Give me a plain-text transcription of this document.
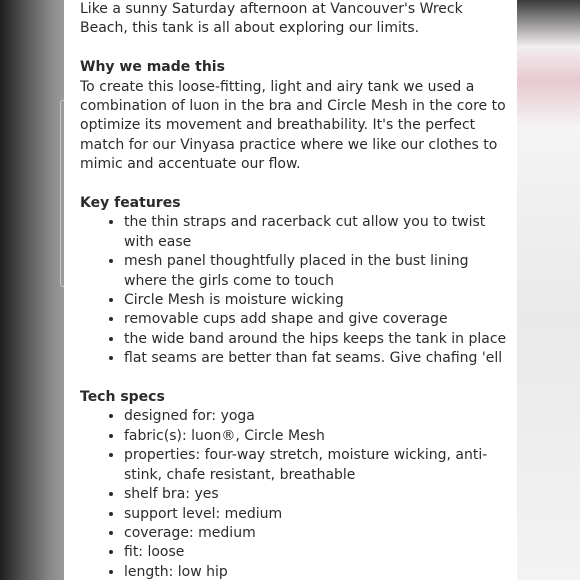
Like a sunny Saturday afternoon at Vancouver's Wreck Beach, this tank is all about exploring our limits.

Why we made this

To create this loose-fitting, light and airy tank we used a combination of luon in the bra and Circle Mesh in the core to optimize its movement and breathability. It's the perfect match for our Vinyasa practice where we like our clothes to mimic and accentuate our flow.

Key features

• the thin straps and racerback cut allow you to twist with ease
• mesh panel thoughtfully placed in the bust lining where the girls come to touch
• Circle Mesh is moisture wicking
• removable cups add shape and give coverage
• the wide band around the hips keeps the tank in place
• flat seams are better than fat seams. Give chafing 'ell

Tech specs

• designed for: yoga
• fabric(s): luon®, Circle Mesh
• properties: four-way stretch, moisture wicking, anti-stink, chafe resistant, breathable
• shelf bra: yes
• support level: medium
• coverage: medium
• fit: loose
• length: low hip
